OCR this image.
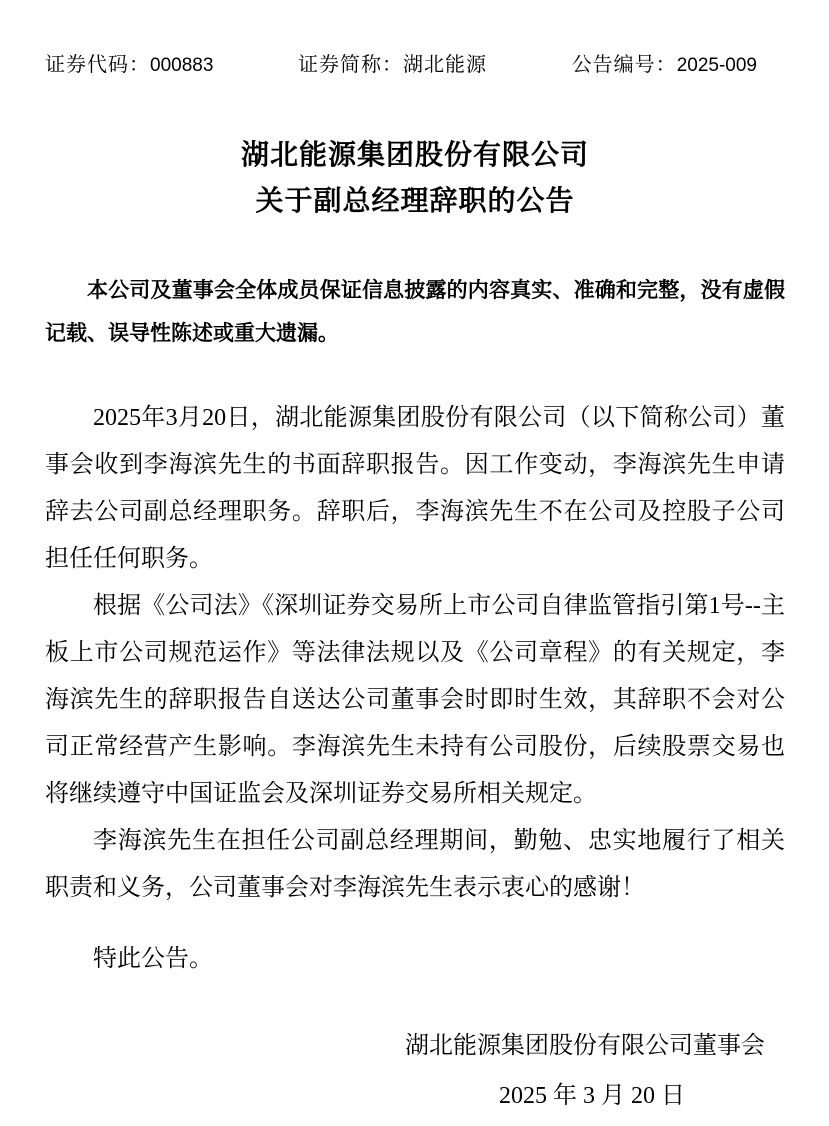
证券代码：000883	证券简称：湖北能源	公告编号：2025-009
湖北能源集团股份有限公司
关于副总经理辞职的公告

本公司及董事会全体成员保证信息披露的内容真实、准确和完整，没有虚假记载、误导性陈述或重大遗漏。

2025年3月20日，湖北能源集团股份有限公司（以下简称公司）董事会收到李海滨先生的书面辞职报告。因工作变动，李海滨先生申请辞去公司副总经理职务。辞职后，李海滨先生不在公司及控股子公司担任任何职务。

根据《公司法》《深圳证券交易所上市公司自律监管指引第1号--主板上市公司规范运作》等法律法规以及《公司章程》的有关规定，李海滨先生的辞职报告自送达公司董事会时即时生效，其辞职不会对公司正常经营产生影响。李海滨先生未持有公司股份，后续股票交易也将继续遵守中国证监会及深圳证券交易所相关规定。

李海滨先生在担任公司副总经理期间，勤勉、忠实地履行了相关职责和义务，公司董事会对李海滨先生表示衷心的感谢！

特此公告。

湖北能源集团股份有限公司董事会

2025 年 3 月 20 日
